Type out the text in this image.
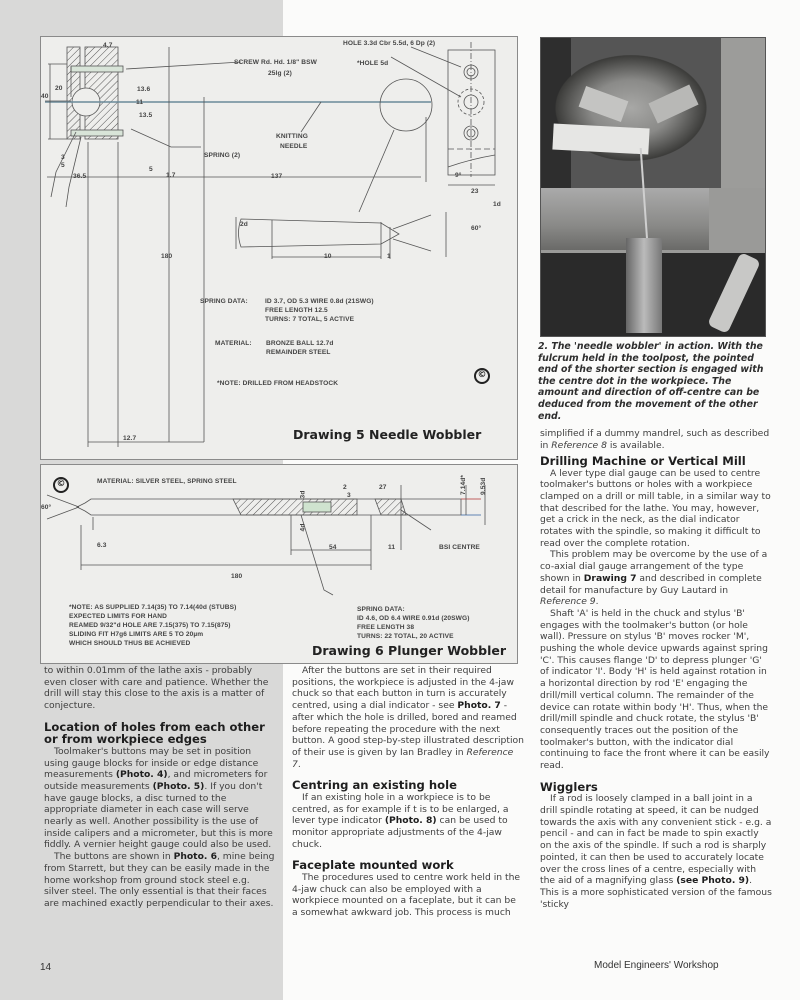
4.7	HOLE 3.3d Cbr 5.5d, 6 Dp (2)
SCREW Rd. Hd. 1/8" BSW
25lg (2)
*HOLE 5d
40
20	13.6
13.5
11
KNITTING
NEEDLE
SPRING (2)
3
5
5
1.7
36.5	137	9°
23
2d
1d
60°
180	10	1
SPRING DATA:	ID 3.7, OD 5.3 WIRE 0.8d (21SWG)
FREE LENGTH 12.5
TURNS: 7 TOTAL, 5 ACTIVE
MATERIAL: BRONZE BALL 12.7d
REMAINDER STEEL
*NOTE: DRILLED FROM HEADSTOCK
12.7
©
Drawing 5 Needle Wobbler
©	MATERIAL: SILVER STEEL, SPRING STEEL
60°
6.3
180
2	27
3
3d
4d
54	11
7.14d* 9.53d
BSI CENTRE
*NOTE: AS SUPPLIED 7.14(35) TO 7.14(40d (STUBS)
EXPECTED LIMITS FOR HAND
REAMED 9/32"d HOLE ARE 7.15(375) TO 7.15(875)
SLIDING FIT H7g6 LIMITS ARE 5 TO 20µm
WHICH SHOULD THUS BE ACHIEVED
SPRING DATA:
ID 4.6, OD 6.4 WIRE 0.91d (20SWG)
FREE LENGTH 38
TURNS: 22 TOTAL, 20 ACTIVE
Drawing 6 Plunger Wobbler
2. The 'needle wobbler' in action. With the fulcrum held in the toolpost, the pointed end of the shorter section is engaged with the centre dot in the workpiece. The amount and direction of off-centre can be deduced from the movement of the other end.

simplified if a dummy mandrel, such as described in Reference 8 is available.

to within 0.01mm of the lathe axis - probably even closer with care and patience. Whether the drill will stay this close to the axis is a matter of conjecture.

Location of holes from each other or from workpiece edges

Toolmaker's buttons may be set in position using gauge blocks for inside or edge distance measurements (Photo. 4), and micrometers for outside measurements (Photo. 5). If you don't have gauge blocks, a disc turned to the appropriate diameter in each case will serve nearly as well. Another possibility is the use of inside calipers and a micrometer, but this is more fiddly. A vernier height gauge could also be used.

The buttons are shown in Photo. 6, mine being from Starrett, but they can be easily made in the home workshop from ground stock steel e.g. silver steel. The only essential is that their faces are machined exactly perpendicular to their axes.

After the buttons are set in their required positions, the workpiece is adjusted in the 4-jaw chuck so that each button in turn is accurately centred, using a dial indicator - see Photo. 7 - after which the hole is drilled, bored and reamed before repeating the procedure with the next button. A good step-by-step illustrated description of their use is given by Ian Bradley in Reference 7.

Centring an existing hole

If an existing hole in a workpiece is to be centred, as for example if t is to be enlarged, a lever type indicator (Photo. 8) can be used to monitor appropriate adjustments of the 4-jaw chuck.

Faceplate mounted work

The procedures used to centre work held in the 4-jaw chuck can also be employed with a workpiece mounted on a faceplate, but it can be a somewhat awkward job. This process is much

Drilling Machine or Vertical Mill

A lever type dial gauge can be used to centre toolmaker's buttons or holes with a workpiece clamped on a drill or mill table, in a similar way to that described for the lathe. You may, however, get a crick in the neck, as the dial indicator rotates with the spindle, so making it difficult to read over the complete rotation.

This problem may be overcome by the use of a co-axial dial gauge arrangement of the type shown in Drawing 7 and described in complete detail for manufacture by Guy Lautard in Reference 9.

Shaft 'A' is held in the chuck and stylus 'B' engages with the toolmaker's button (or hole wall). Pressure on stylus 'B' moves rocker 'M', pushing the whole device upwards against spring 'C'. This causes flange 'D' to depress plunger 'G' of indicator 'I'. Body 'H' is held against rotation in a horizontal direction by rod 'E' engaging the drill/mill vertical column. The remainder of the device can rotate within body 'H'. Thus, when the drill/mill spindle and chuck rotate, the stylus 'B' consequently traces out the position of the toolmaker's button, with the indicator dial continuing to face the front where it can be easily read.

Wigglers

If a rod is loosely clamped in a ball joint in a drill spindle rotating at speed, it can be nudged towards the axis with any convenient stick - e.g. a pencil - and can in fact be made to spin exactly on the axis of the spindle. If such a rod is sharply pointed, it can then be used to accurately locate over the cross lines of a centre, especially with the aid of a magnifying glass (see Photo. 9). This is a more sophisticated version of the famous 'sticky

14	Model Engineers' Workshop
